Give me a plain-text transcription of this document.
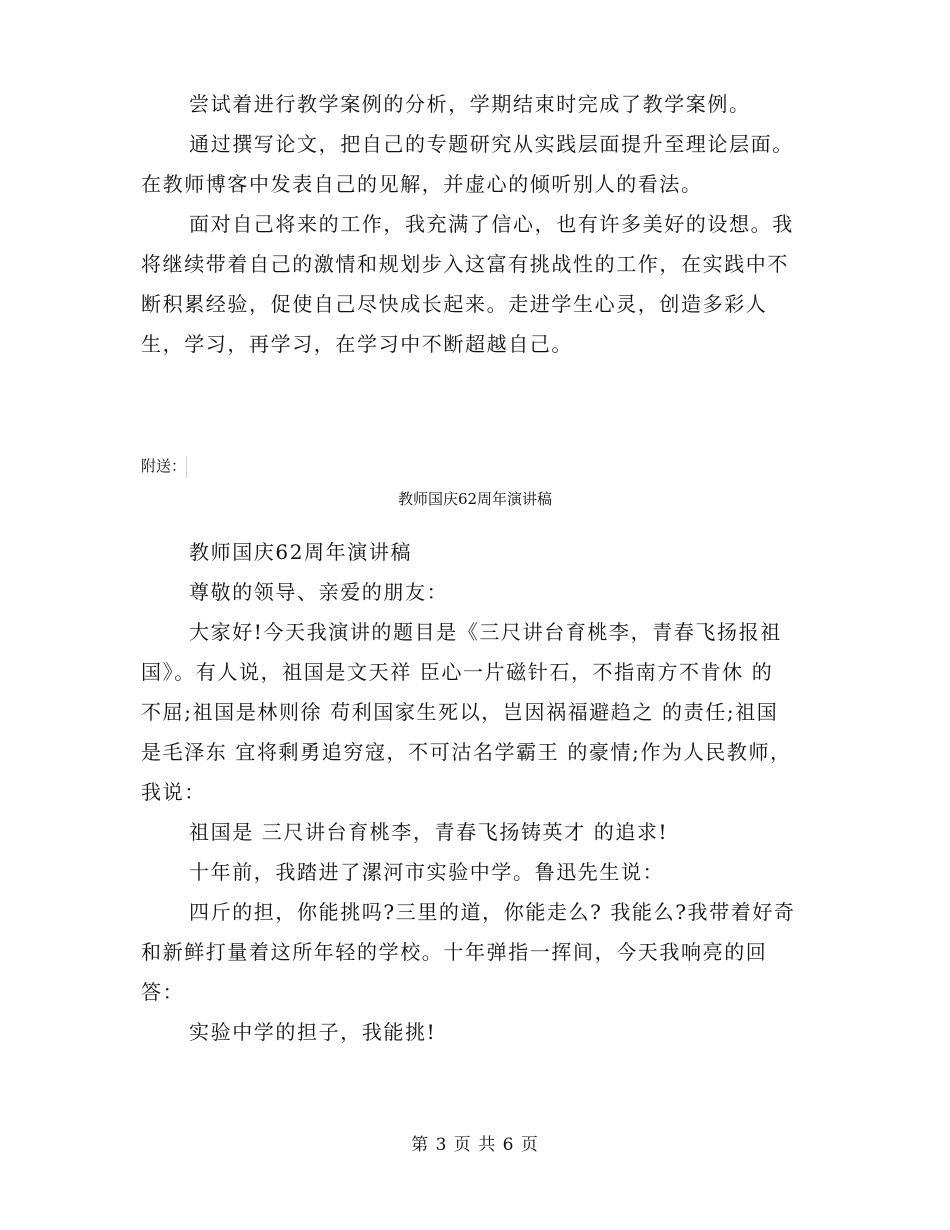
尝试着进行教学案例的分析，学期结束时完成了教学案例。
通过撰写论文，把自己的专题研究从实践层面提升至理论层面。
在教师博客中发表自己的见解，并虚心的倾听别人的看法。
面对自己将来的工作，我充满了信心，也有许多美好的设想。我
将继续带着自己的激情和规划步入这富有挑战性的工作，在实践中不
断积累经验，促使自己尽快成长起来。走进学生心灵，创造多彩人
生，学习，再学习，在学习中不断超越自己。
附送：
教师国庆62周年演讲稿
教师国庆62周年演讲稿
尊敬的领导、亲爱的朋友：
大家好!今天我演讲的题目是《三尺讲台育桃李，青春飞扬报祖
国》。有人说，祖国是文天祥 臣心一片磁针石，不指南方不肯休 的
不屈;祖国是林则徐 苟利国家生死以，岂因祸福避趋之 的责任;祖国
是毛泽东 宜将剩勇追穷寇，不可沽名学霸王 的豪情;作为人民教师，
我说：
祖国是 三尺讲台育桃李，青春飞扬铸英才 的追求!
十年前，我踏进了漯河市实验中学。鲁迅先生说：
四斤的担，你能挑吗?三里的道，你能走么? 我能么?我带着好奇
和新鲜打量着这所年轻的学校。十年弹指一挥间，今天我响亮的回
答：
实验中学的担子，我能挑!
第 3 页 共 6 页
